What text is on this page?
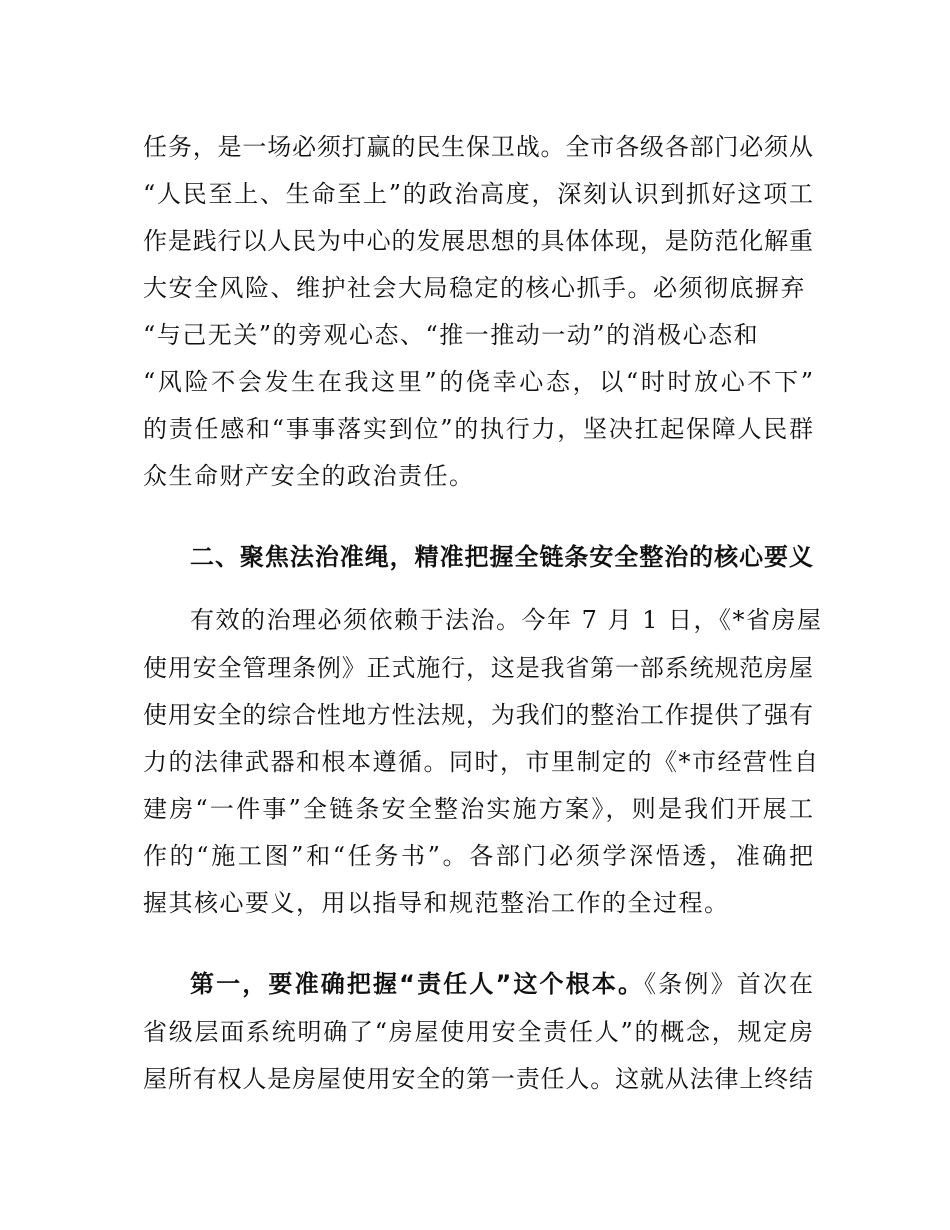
任务，是一场必须打赢的民生保卫战。全市各级各部门必须从
“人民至上、生命至上”的政治高度，深刻认识到抓好这项工
作是践行以人民为中心的发展思想的具体体现，是防范化解重
大安全风险、维护社会大局稳定的核心抓手。必须彻底摒弃
“与己无关”的旁观心态、“推一推动一动”的消极心态和
“风险不会发生在我这里”的侥幸心态，以“时时放心不下”
的责任感和“事事落实到位”的执行力，坚决扛起保障人民群
众生命财产安全的政治责任。
二、聚焦法治准绳，精准把握全链条安全整治的核心要义
有效的治理必须依赖于法治。今年 7 月 1 日，《*省房屋
使用安全管理条例》正式施行，这是我省第一部系统规范房屋
使用安全的综合性地方性法规，为我们的整治工作提供了强有
力的法律武器和根本遵循。同时，市里制定的《*市经营性自
建房“一件事”全链条安全整治实施方案》，则是我们开展工
作的“施工图”和“任务书”。各部门必须学深悟透，准确把
握其核心要义，用以指导和规范整治工作的全过程。
第一，要准确把握“责任人”这个根本。《条例》首次在
省级层面系统明确了“房屋使用安全责任人”的概念，规定房
屋所有权人是房屋使用安全的第一责任人。这就从法律上终结
